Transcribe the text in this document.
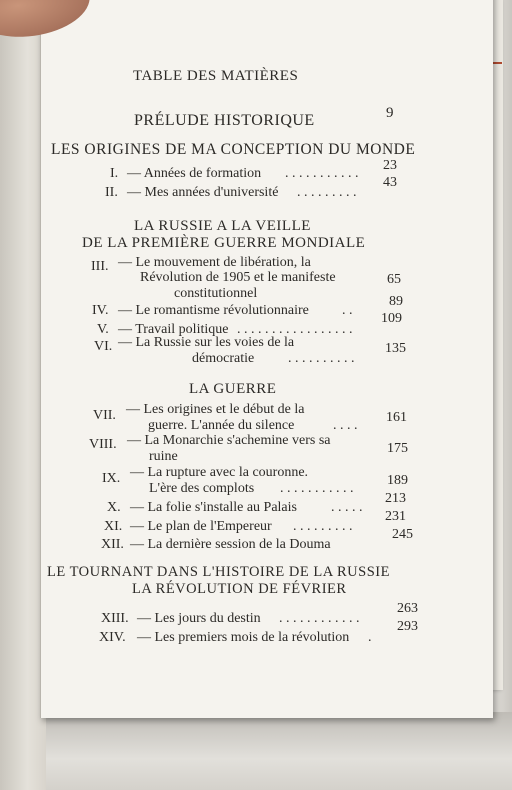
TABLE DES MATIÈRES
PRÉLUDE HISTORIQUE	9
LES ORIGINES DE MA CONCEPTION DU MONDE
I. — Années de formation . . . . . . . . . . .
23
II. — Mes années d'université . . . . . . . . .
43
LA RUSSIE A LA VEILLE
DE LA PREMIÈRE GUERRE MONDIALE
III. — Le mouvement de libération, la
Révolution de 1905 et le manifeste
constitutionnel
65
IV. — Le romantisme révolutionnaire . .
89
V. — Travail politique . . . . . . . . . . . . . . . . .
109
VI. — La Russie sur les voies de la
démocratie . . . . . . . . . .
135
LA GUERRE
VII. — Les origines et le début de la
guerre. L'année du silence	. . . .
161
VIII. — La Monarchie s'achemine vers sa
ruine
175
IX. — La rupture avec la couronne.
L'ère des complots . . . . . . . . . . .
189
X. — La folie s'installe au Palais . . . . .
213
XI. — Le plan de l'Empereur . . . . . . . . .
231
XII. — La dernière session de la Douma
245
LE TOURNANT DANS L'HISTOIRE DE LA RUSSIE
LA RÉVOLUTION DE FÉVRIER
XIII. — Les jours du destin . . . . . . . . . . . .
263
XIV. — Les premiers mois de la révolution .
293
